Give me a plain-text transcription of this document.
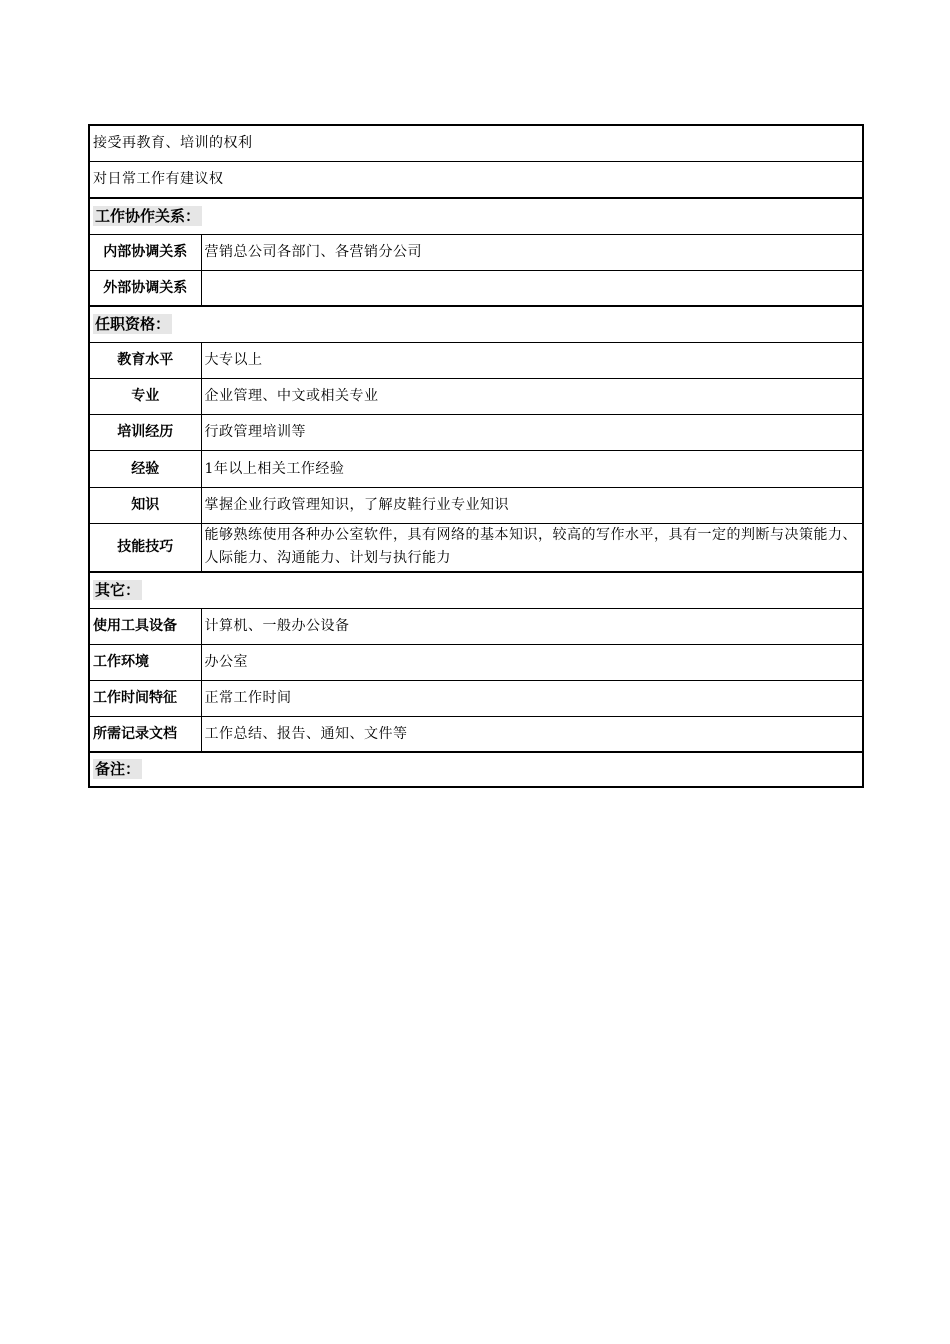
接受再教育、培训的权利	
对日常工作有建议权	
工作协作关系：	
内部协调关系	营销总公司各部门、各营销分公司
外部协调关系	
任职资格：	
教育水平	大专以上
专业	企业管理、中文或相关专业
培训经历	行政管理培训等
经验	1年以上相关工作经验
知识	掌握企业行政管理知识，了解皮鞋行业专业知识
技能技巧	能够熟练使用各种办公室软件，具有网络的基本知识，较高的写作水平，具有一定的判断与决策能力、人际能力、沟通能力、计划与执行能力
其它：	
使用工具设备	计算机、一般办公设备
工作环境	办公室
工作时间特征	正常工作时间
所需记录文档	工作总结、报告、通知、文件等
备注：	
